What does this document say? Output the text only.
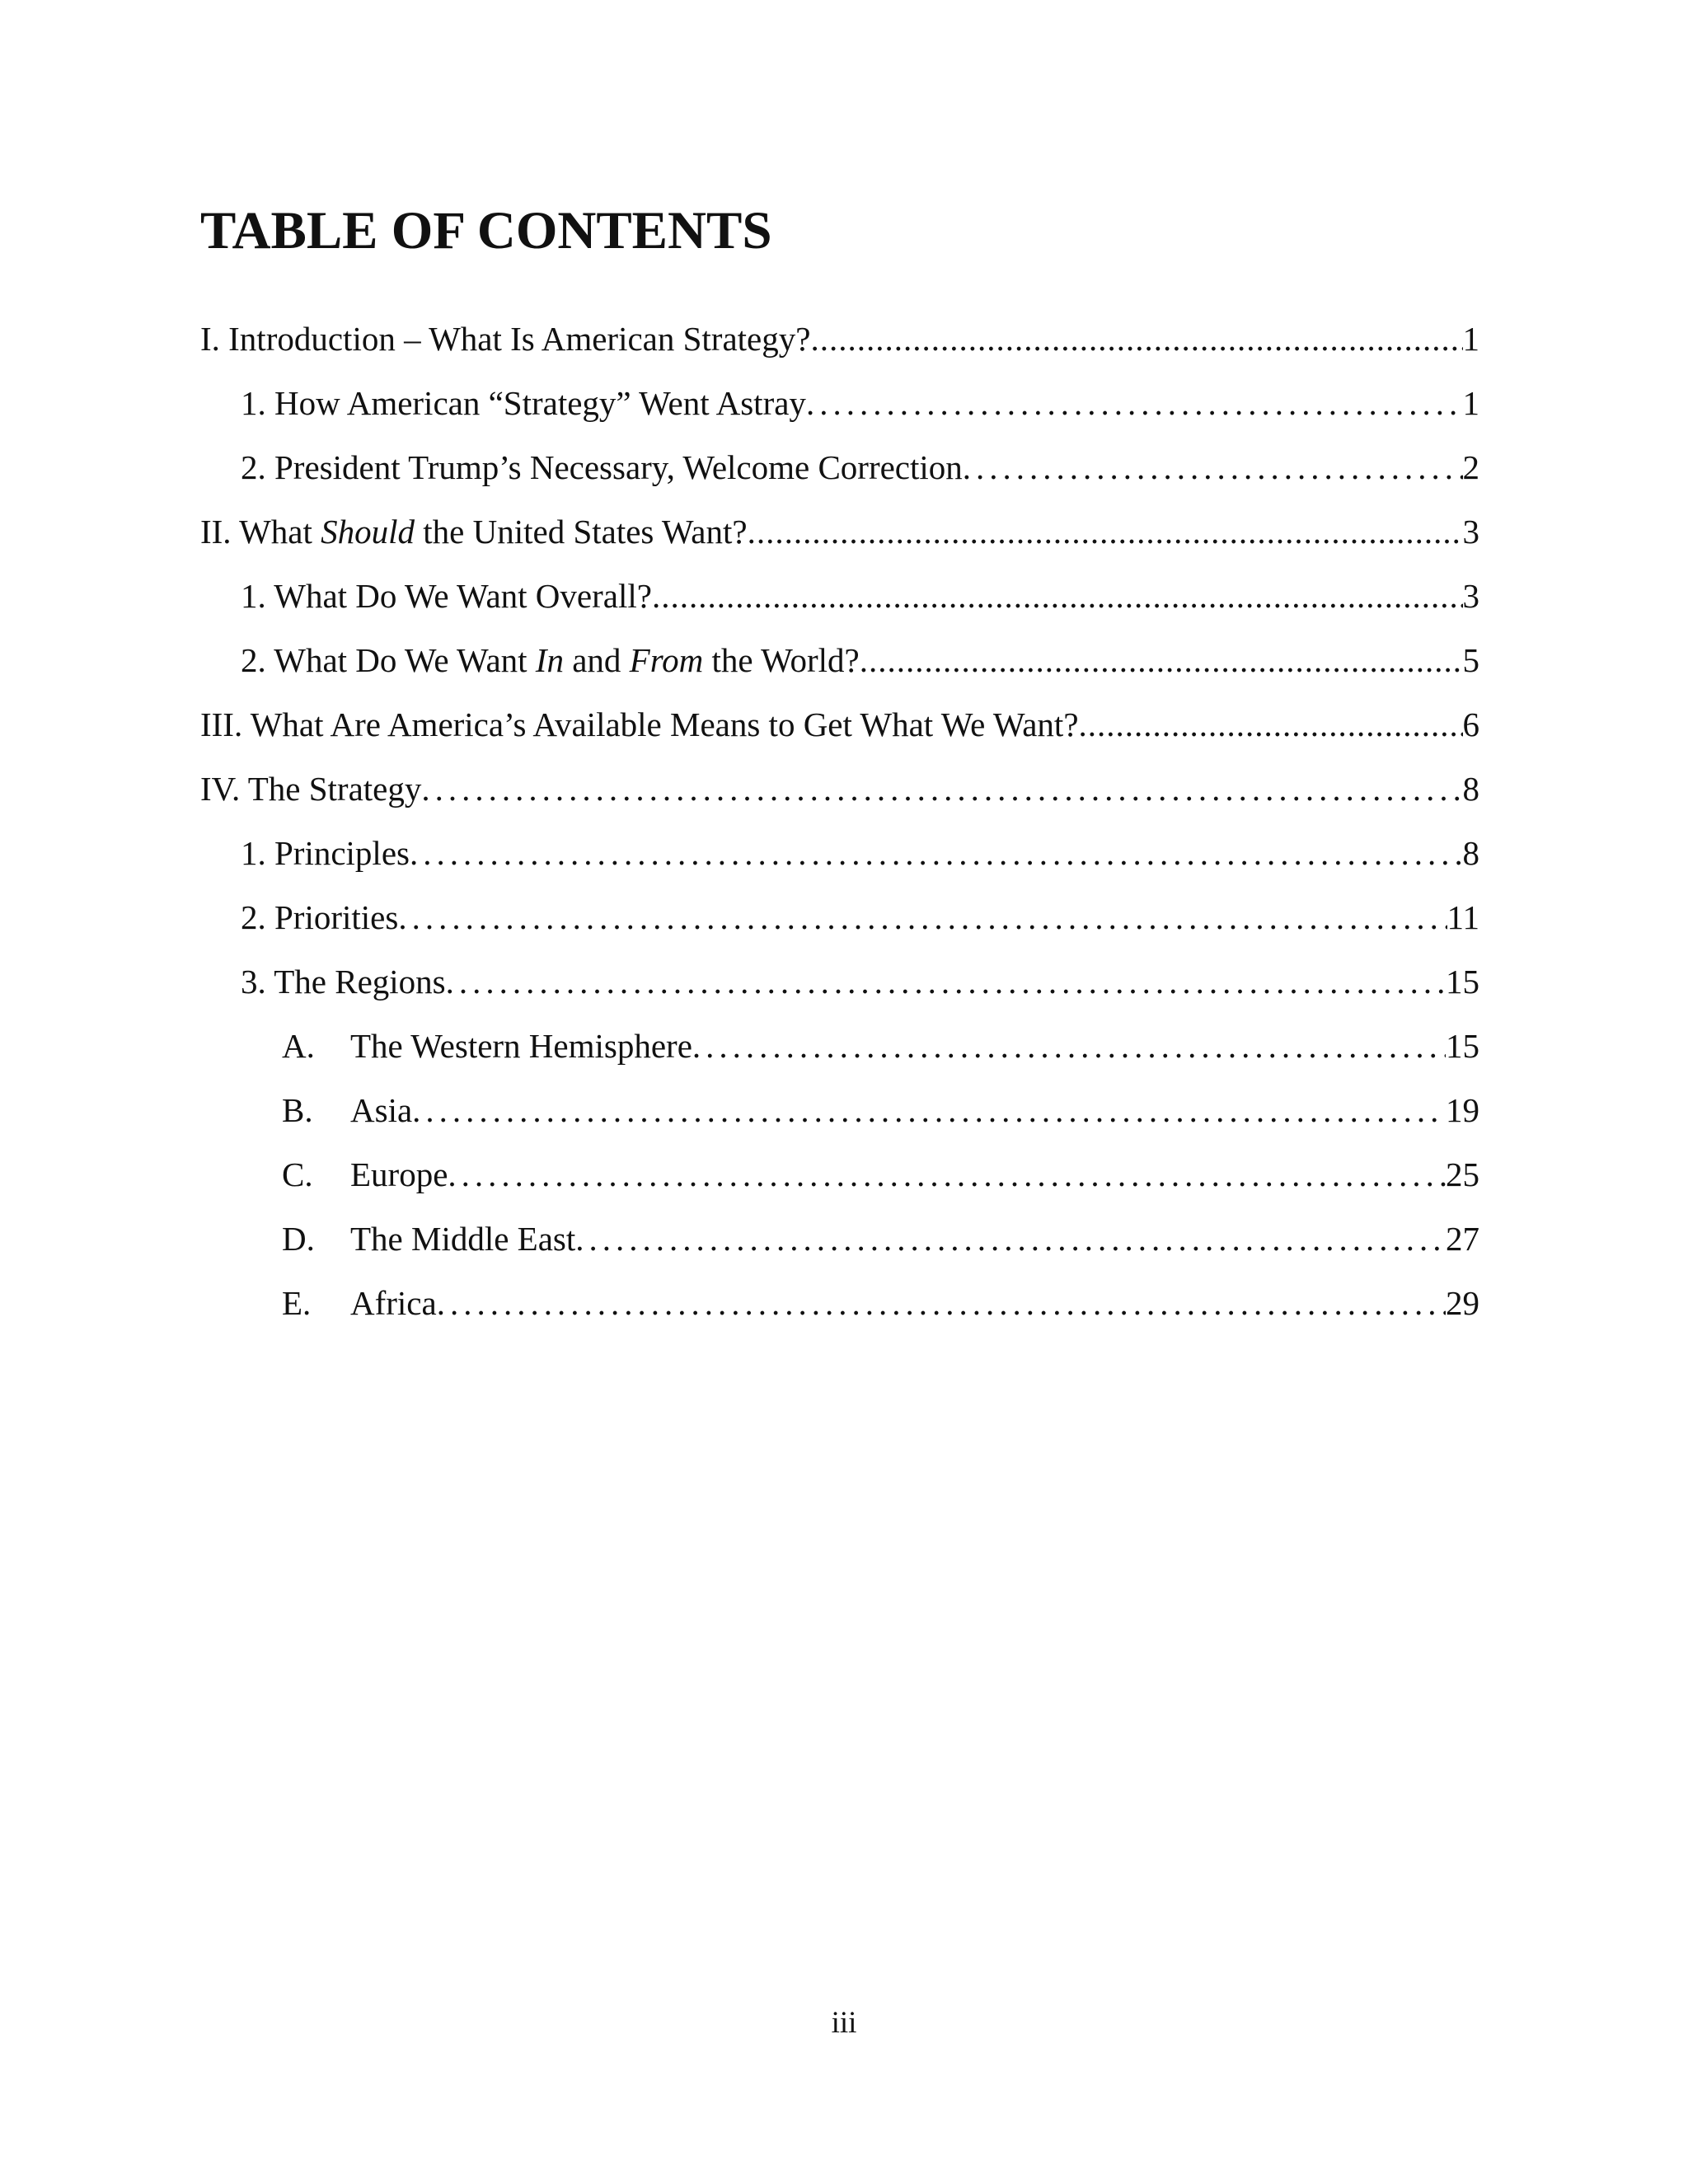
TABLE OF CONTENTS
I. Introduction – What Is American Strategy? .....	1
1. How American “Strategy” Went Astray .....	1
2. President Trump’s Necessary, Welcome Correction .....	2
II. What Should the United States Want? .....	3
1. What Do We Want Overall? .....	3
2. What Do We Want In and From the World? .....	5
III. What Are America’s Available Means to Get What We Want? .....	6
IV. The Strategy .....	8
1. Principles .....	8
2. Priorities .....	11
3. The Regions .....	15
A. The Western Hemisphere .....	15
B. Asia .....	19
C. Europe .....	25
D. The Middle East .....	27
E. Africa .....	29
iii
